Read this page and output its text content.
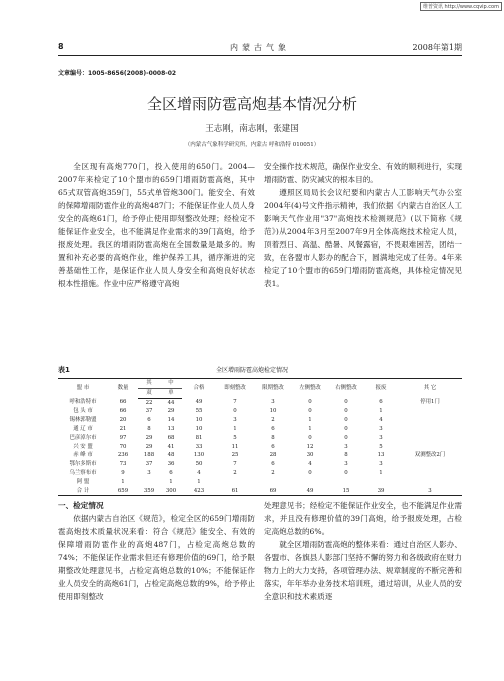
维普资讯 http://www.cqvip.com
8	内蒙古气象	2008年第1期
文章编号：1005-8656(2008)-0008-02
全区增雨防雹高炮基本情况分析
王志刚，南志刚，张建国
（内蒙古气象科学研究所，内蒙古 呼和浩特 010051）

全区现有高炮770门，投入使用的650门。2004—2007年来检定了10个盟市的659门增雨防雹高炮，其中65式双管高炮359门，55式单管炮300门。能安全、有效的保障增雨防雹作业的高炮487门；不能保证作业人员人身安全的高炮61门，给予停止使用即刻整改处理；经检定不能保证作业安全，也不能满足作业需求的39门高炮，给予报废处理。我区的增雨防雹高炮在全国数量是最多的。购置和补充必要的高炮作业，维护保养工具，循序渐进的完善基础性工作，是保证作业人员人身安全和高炮良好状态根本性措施。作业中应严格遵守高炮

安全操作技术规范，确保作业安全、有效的顺利进行，实现增雨防雹、防灾减灾的根本目的。

遵照区局局长会议纪要和内蒙古人工影响天气办公室2004年(4)号文件指示精神，我们依据《内蒙古自治区人工影响天气作业用"37"高炮技术检测规范》(以下简称《规范》)从2004年3月至2007年9月全体高炮技术检定人员，顶着烈日、高温、酷暑、风餐露宿，不畏艰难困苦，团结一致，在各盟市人影办的配合下，圆满地完成了任务。4年来检定了10个盟市的659门增雨防雹高炮，具体检定情况见表1。

表1	全区增雨防雹高炮检定情况
盟 市	数量	其	中	合格	即刻整改	限期整改	左侧整改	右侧整改	报废	其 它
		双	单							
呼和浩特市	66	22	44	49	7	3	0	0	6	停用1门
包 头 市	66	37	29	55	0	10	0	0	1	
锡林郭勒盟	20	6	14	10	3	2	1	0	4	
通 辽 市	21	8	13	10	1	6	1	0	3	
巴彦淖尔市	97	29	68	81	5	8	0	0	3	
兴 安 盟	70	29	41	33	11	6	12	3	5	
赤 峰 市	236	188	48	130	25	28	30	8	13	双测整改2门
鄂尔多斯市	73	37	36	50	7	6	4	3	3	
乌兰察布市	9	3	6	4	2	2	0	0	1	
阿 盟	1		1	1						
合 计	659	359	300	423	61	69	49	15	39	3
一、检定情况

依据内蒙古自治区《规范》，检定全区的659门增雨防雹高炮技术质量状况来看：符合《规范》能安全、有效的保障增雨防雹作业的高炮487门，占检定高炮总数的74%；不能保证作业需求但还有修理价值的69门，给予限期整改处理意见书，占检定高炮总数的10%；不能保证作业人员安全的高炮61门，占检定高炮总数的9%，给予停止使用即刻整改

处理意见书；经检定不能保证作业安全，也不能满足作业需求，并且没有修理价值的39门高炮，给予报废处理，占检定高炮总数的6%。

就全区增雨防雹高炮的整体来看：通过自治区人影办、各盟市、各旗县人影部门坚持不懈的努力和各级政府在财力物力上的大力支持，各项管理办法、规章制度的不断完善和落实，年年举办业务技术培训班，通过培训，从业人员的安全意识和技术素质逐
